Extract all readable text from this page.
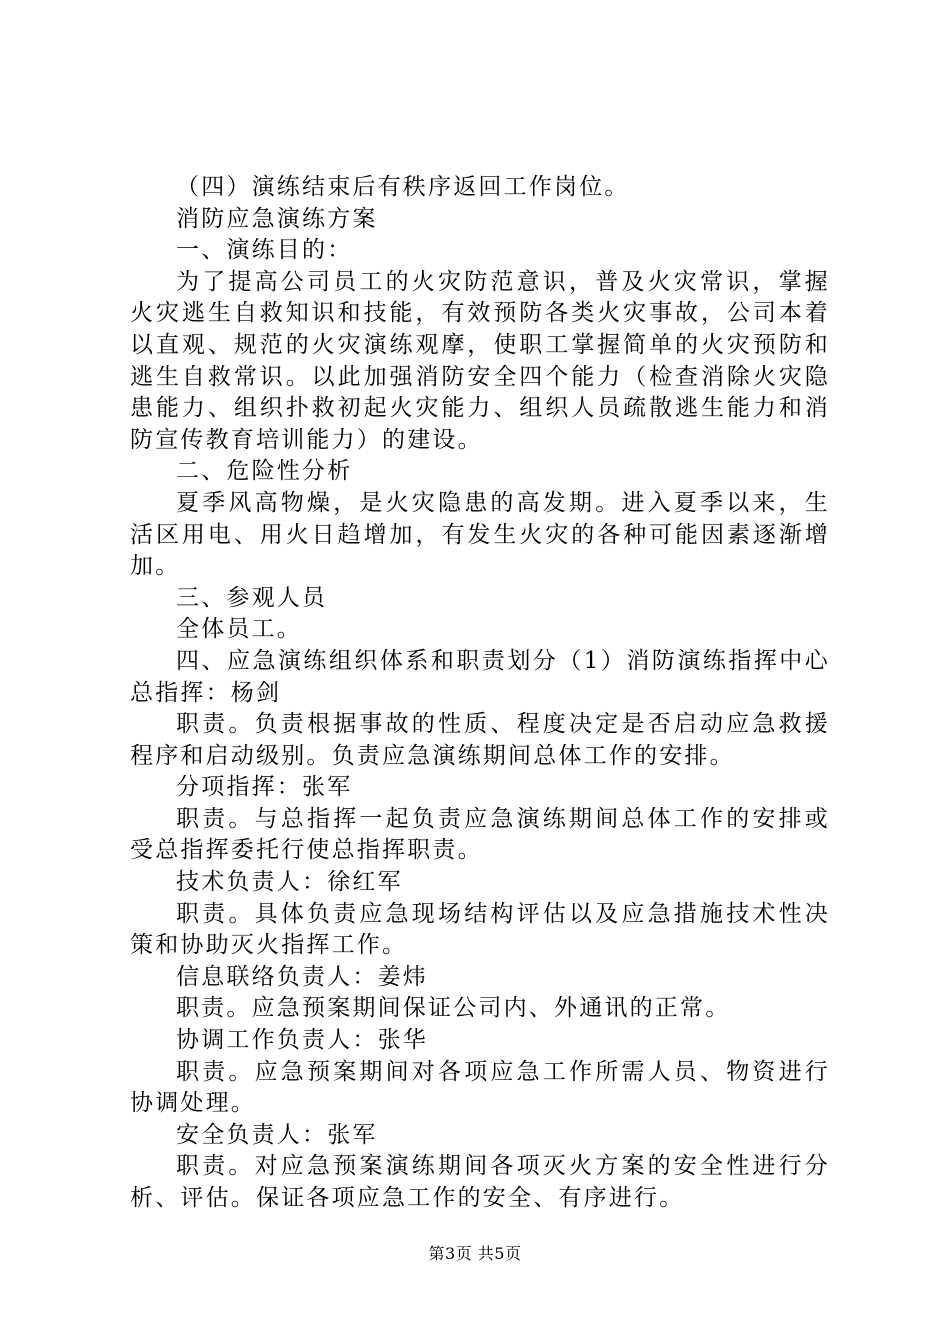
（四）演练结束后有秩序返回工作岗位。

消防应急演练方案

一、演练目的：

为了提高公司员工的火灾防范意识，普及火灾常识，掌握火灾逃生自救知识和技能，有效预防各类火灾事故，公司本着以直观、规范的火灾演练观摩，使职工掌握简单的火灾预防和逃生自救常识。以此加强消防安全四个能力（检查消除火灾隐患能力、组织扑救初起火灾能力、组织人员疏散逃生能力和消防宣传教育培训能力）的建设。

二、危险性分析

夏季风高物燥，是火灾隐患的高发期。进入夏季以来，生活区用电、用火日趋增加，有发生火灾的各种可能因素逐渐增加。

三、参观人员

全体员工。

四、应急演练组织体系和职责划分（1）消防演练指挥中心总指挥：杨剑

职责。负责根据事故的性质、程度决定是否启动应急救援程序和启动级别。负责应急演练期间总体工作的安排。

分项指挥：张军

职责。与总指挥一起负责应急演练期间总体工作的安排或受总指挥委托行使总指挥职责。

技术负责人：徐红军

职责。具体负责应急现场结构评估以及应急措施技术性决策和协助灭火指挥工作。

信息联络负责人：姜炜

职责。应急预案期间保证公司内、外通讯的正常。

协调工作负责人：张华

职责。应急预案期间对各项应急工作所需人员、物资进行协调处理。

安全负责人：张军

职责。对应急预案演练期间各项灭火方案的安全性进行分析、评估。保证各项应急工作的安全、有序进行。

第3页 共5页
